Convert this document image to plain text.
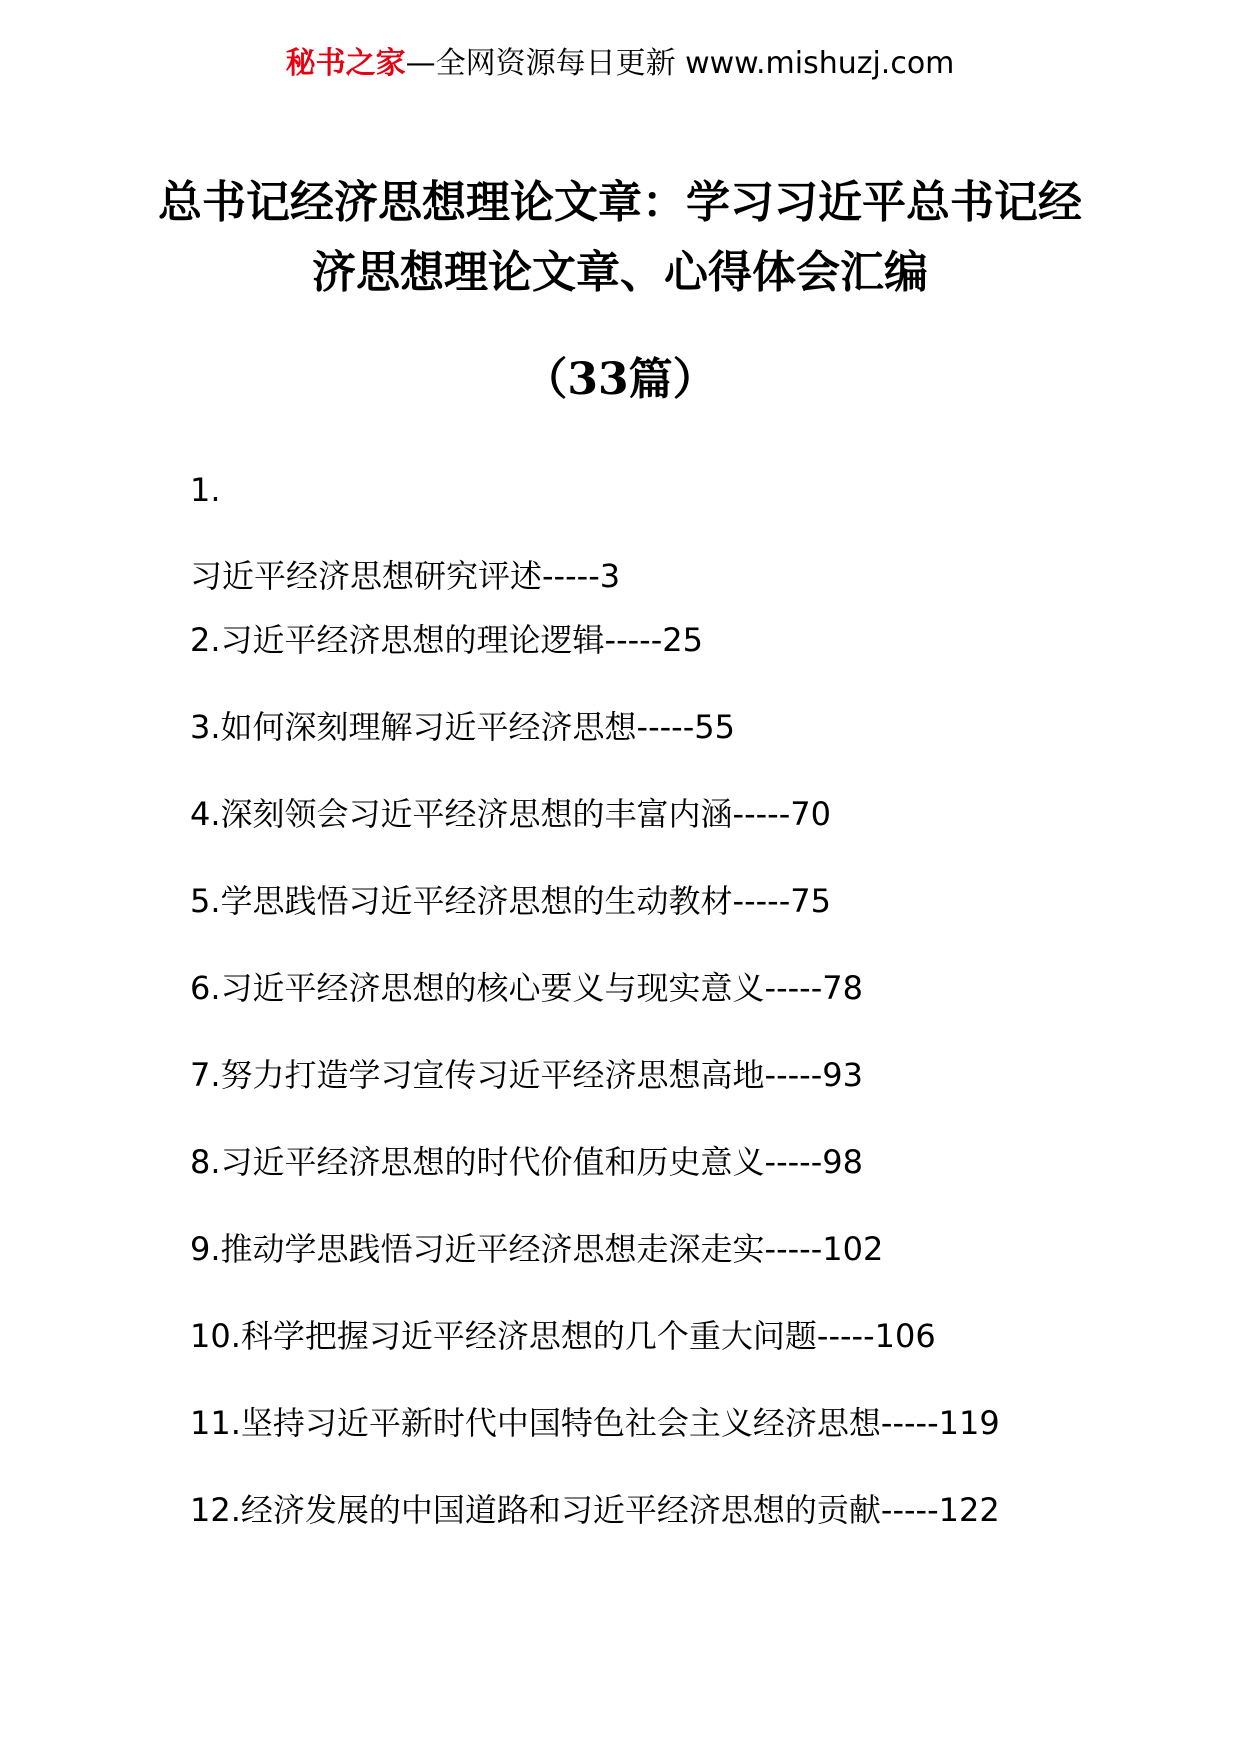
秘书之家—全网资源每日更新 www.mishuzj.com
总书记经济思想理论文章：学习习近平总书记经济思想理论文章、心得体会汇编
（33篇）
1.
习近平经济思想研究评述-----3
2.习近平经济思想的理论逻辑-----25
3.如何深刻理解习近平经济思想-----55
4.深刻领会习近平经济思想的丰富内涵-----70
5.学思践悟习近平经济思想的生动教材-----75
6.习近平经济思想的核心要义与现实意义-----78
7.努力打造学习宣传习近平经济思想高地-----93
8.习近平经济思想的时代价值和历史意义-----98
9.推动学思践悟习近平经济思想走深走实-----102
10.科学把握习近平经济思想的几个重大问题-----106
11.坚持习近平新时代中国特色社会主义经济思想-----119
12.经济发展的中国道路和习近平经济思想的贡献-----122
